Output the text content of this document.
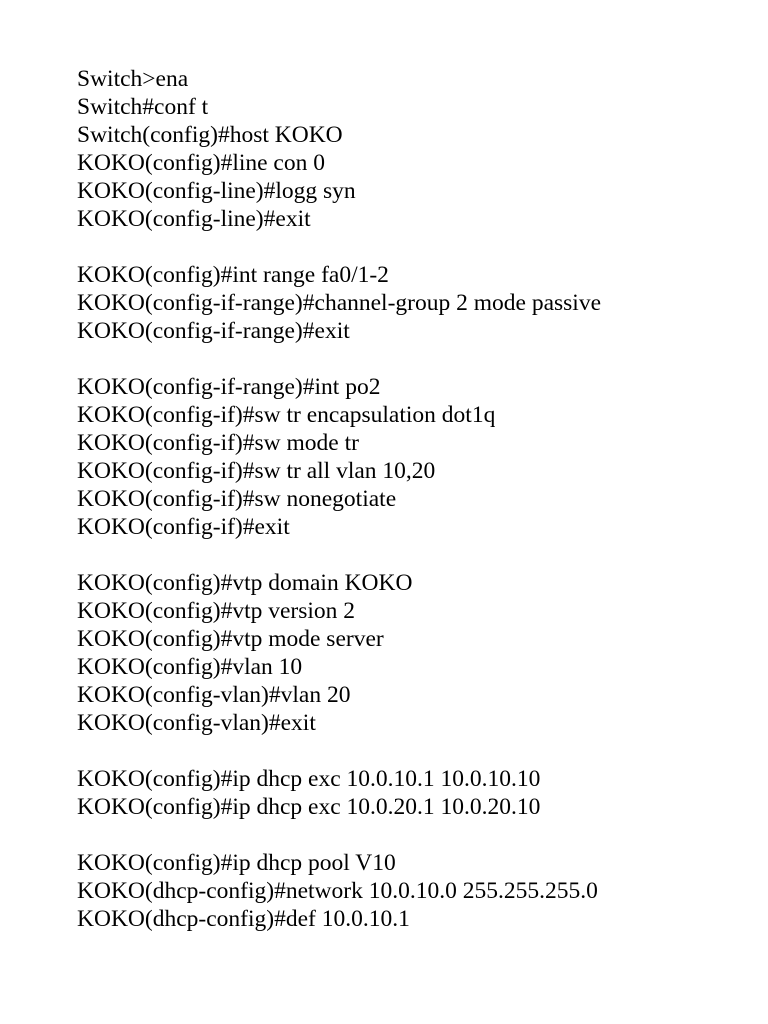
Switch>ena
Switch#conf t
Switch(config)#host KOKO
KOKO(config)#line con 0
KOKO(config-line)#logg syn
KOKO(config-line)#exit
KOKO(config)#int range fa0/1-2
KOKO(config-if-range)#channel-group 2 mode passive
KOKO(config-if-range)#exit
KOKO(config-if-range)#int po2
KOKO(config-if)#sw tr encapsulation dot1q
KOKO(config-if)#sw mode tr
KOKO(config-if)#sw tr all vlan 10,20
KOKO(config-if)#sw nonegotiate
KOKO(config-if)#exit
KOKO(config)#vtp domain KOKO
KOKO(config)#vtp version 2
KOKO(config)#vtp mode server
KOKO(config)#vlan 10
KOKO(config-vlan)#vlan 20
KOKO(config-vlan)#exit
KOKO(config)#ip dhcp exc 10.0.10.1 10.0.10.10
KOKO(config)#ip dhcp exc 10.0.20.1 10.0.20.10
KOKO(config)#ip dhcp pool V10
KOKO(dhcp-config)#network 10.0.10.0 255.255.255.0
KOKO(dhcp-config)#def 10.0.10.1
